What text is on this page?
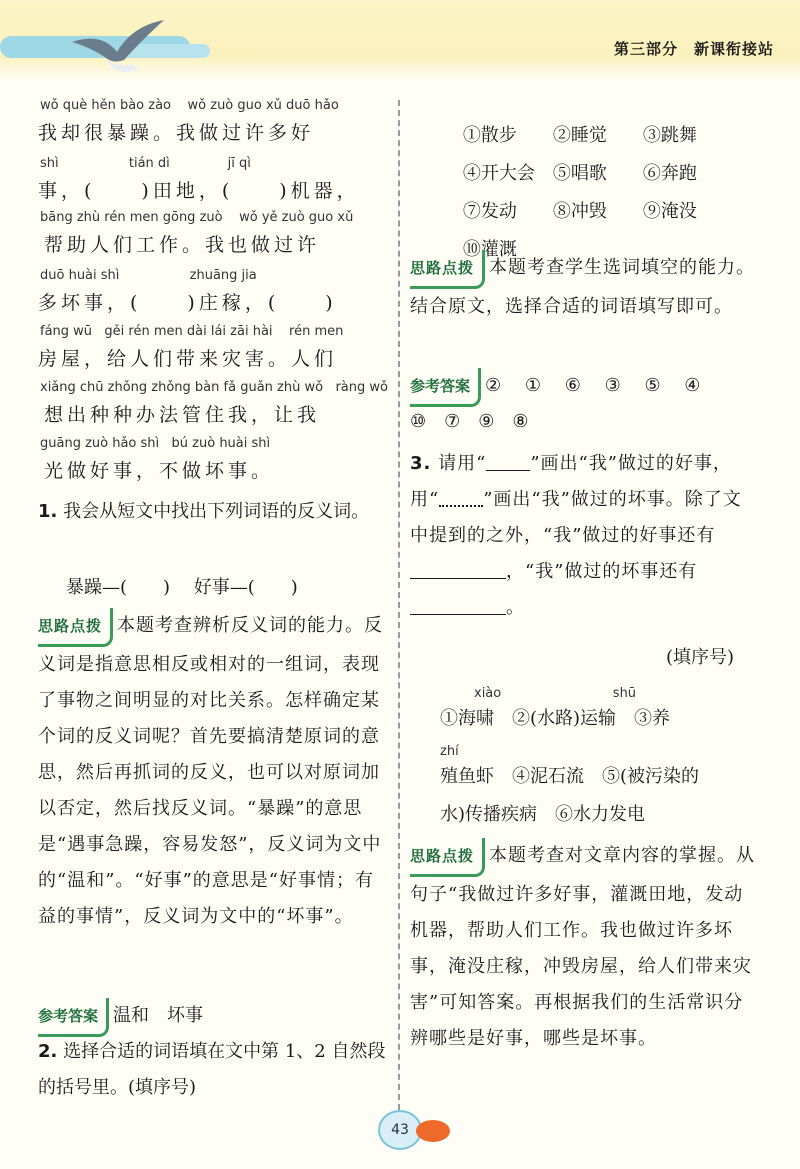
第三部分　新课衔接站
wǒ què hěn bào zào    wǒ zuò guo xǔ duō hǎo
我却很暴躁。我做过许多好
shì                 tián dì              jī qì
事，(　　)田地，(　　)机器，
bāng zhù rén men gōng zuò    wǒ yě zuò guo xǔ
帮助人们工作。我也做过许
duō huài shì                 zhuāng jia
多坏事，(　　)庄稼，(　　)
fáng wū   gěi rén men dài lái zāi hài    rén men
房屋，给人们带来灾害。人们
xiǎng chū zhǒng zhǒng bàn fǎ guǎn zhù wǒ   ràng wǒ
想出种种办法管住我，让我
guāng zuò hǎo shì   bú zuò huài shì
光做好事，不做坏事。
1. 我会从短文中找出下列词语的反义词。
暴躁—(　　)　 好事—(　　)
思路点拨 本题考查辨析反义词的能力。反义词是指意思相反或相对的一组词，表现了事物之间明显的对比关系。怎样确定某个词的反义词呢？首先要搞清楚原词的意思，然后再抓词的反义，也可以对原词加以否定，然后找反义词。“暴躁”的意思是“遇事急躁，容易发怒”，反义词为文中的“温和”。“好事”的意思是“好事情；有益的事情”，反义词为文中的“坏事”。
参考答案 温和　坏事
2. 选择合适的词语填在文中第 1、2 自然段的括号里。(填序号)

①散步　　 ②睡觉　　 ③跳舞

④开大会　 ⑤唱歌　　 ⑥奔跑

⑦发动　　 ⑧冲毁　　 ⑨淹没

⑩灌溉

思路点拨 本题考查学生选词填空的能力。结合原文，选择合适的词语填写即可。
参考答案 ②　 ①　 ⑥　 ③　 ⑤　 ④
⑩　⑦　⑨　⑧
3. 请用“ ”画出“我”做过的好事，用“ ”画出“我”做过的坏事。除了文中提到的之外，“我”做过的好事还有，“我”做过的坏事还有。
(填序号)
xiào                           shū
①海啸　②(水路)运输　③养
zhí
殖鱼虾　④泥石流　⑤(被污染的
水)传播疾病　⑥水力发电
思路点拨 本题考查对文章内容的掌握。从句子“我做过许多好事，灌溉田地，发动机器，帮助人们工作。我也做过许多坏事，淹没庄稼，冲毁房屋，给人们带来灾害”可知答案。再根据我们的生活常识分辨哪些是好事，哪些是坏事。
43
